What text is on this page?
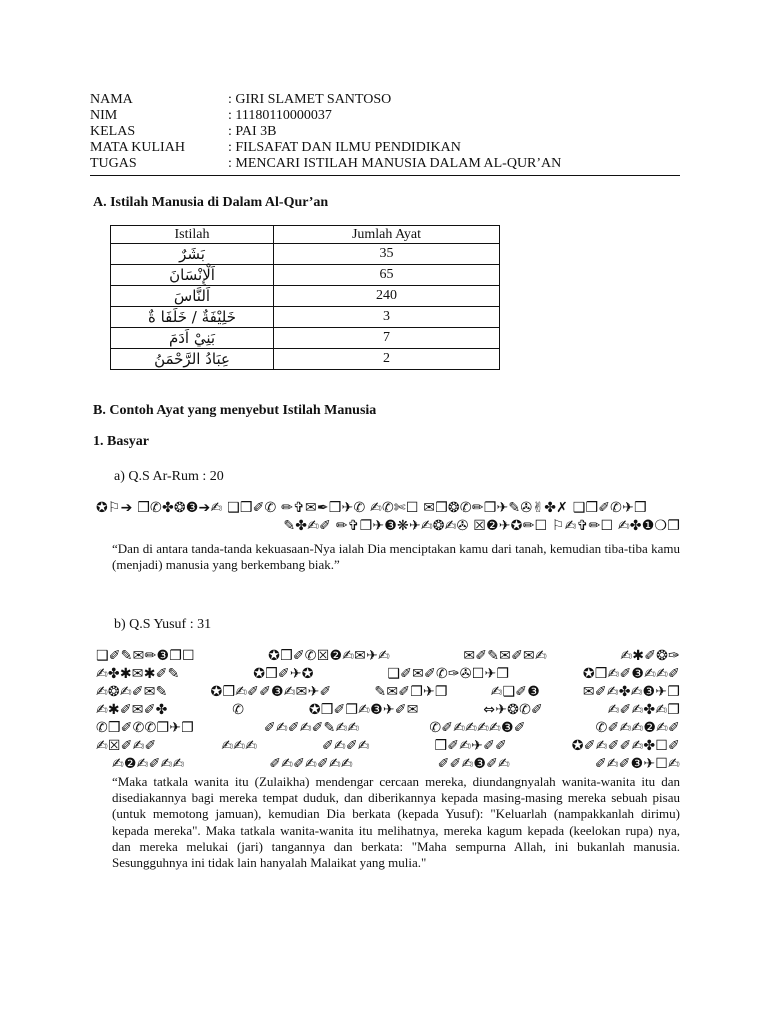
NAMA	: GIRI SLAMET SANTOSO
NIM	: 11180110000037
KELAS	: PAI 3B
MATA KULIAH	: FILSAFAT DAN ILMU PENDIDIKAN
TUGAS	: MENCARI ISTILAH MANUSIA DALAM AL-QUR’AN
A. Istilah Manusia di Dalam Al-Qur’an
Istilah	Jumlah Ayat
بَشَرٌ	35
اَلْإِنْسَانَ	65
اَلنَّاسَ	240
خَلِيْفَةٌ / خَلَفَا ةٌ	3
بَنِيْ اَدَمَ	7
عِبَادُ الرَّحْمَنُ	2
B. Contoh Ayat yang menyebut Istilah Manusia
1. Basyar
a) Q.S Ar-Rum : 20
✪⚐➔ ❒✆✤❂❸➔✍ ❑❒✐✆ ✏✞✉✒❒✈✆ ✍✆✄☐ ✉❐❂✆✏❐✈✎✇✌✤✗ ❑❒✐✆✈❒
✎✤✍✐ ✏✞❐✈❸❋✈✍❂✍✇ ☒❷✈✪✏☐ ⚐✍✞✏☐ ✍✤❶❍❐
“Dan di antara tanda-tanda kekuasaan-Nya ialah Dia menciptakan kamu dari tanah, kemudian tiba-tiba kamu (menjadi) manusia yang berkembang biak.”
b) Q.S Yusuf : 31
❑✐✎✉✏❸❐☐	✪❒✐✆☒❷✍✉✈✍	✉✐✎✉✐✉✍	✍✱✐❂✑
✍✤✱✉✱✐✎	✪❒✐✈✪	❑✐✉✐✆✑✇☐✈❐	✪❒✍✐❸✍✍✐
✍❂✍✐✉✎	✪❒✍✐✐❸✍✉✈✐	✎✉✐❐✈❐	✍❑✐❸	✉✐✍✤✍❸✈❐
✍✱✐✉✐✤	✆	✪❒✐❐✍❸✈✐✉	⇔✈❂✆✐	✍✐✍✤✍❐
✆❒✐✆✆❐✈❐	✐✍✐✍✐✎✍✍	✆✐✍✍✍✍❸✐	✆✐✍✍❷✍✐
✍☒✐✍✐	✍✍✍	✐✍✐✍	❒✐✍✈✐✐	✪✐✍✐✐✍✤☐✐
✍❷✍✐✍✍	✐✍✐✍✐✍✍	✐✐✍❸✐✍	✐✍✐❸✈☐✍
“Maka tatkala wanita itu (Zulaikha) mendengar cercaan mereka, diundangnyalah wanita-wanita itu dan disediakannya bagi mereka tempat duduk, dan diberikannya kepada masing-masing mereka sebuah pisau (untuk memotong jamuan), kemudian Dia berkata (kepada Yusuf): "Keluarlah (nampakkanlah dirimu) kepada mereka". Maka tatkala wanita-wanita itu melihatnya, mereka kagum kepada (keelokan rupa) nya, dan mereka melukai (jari) tangannya dan berkata: "Maha sempurna Allah, ini bukanlah manusia. Sesungguhnya ini tidak lain hanyalah Malaikat yang mulia."
